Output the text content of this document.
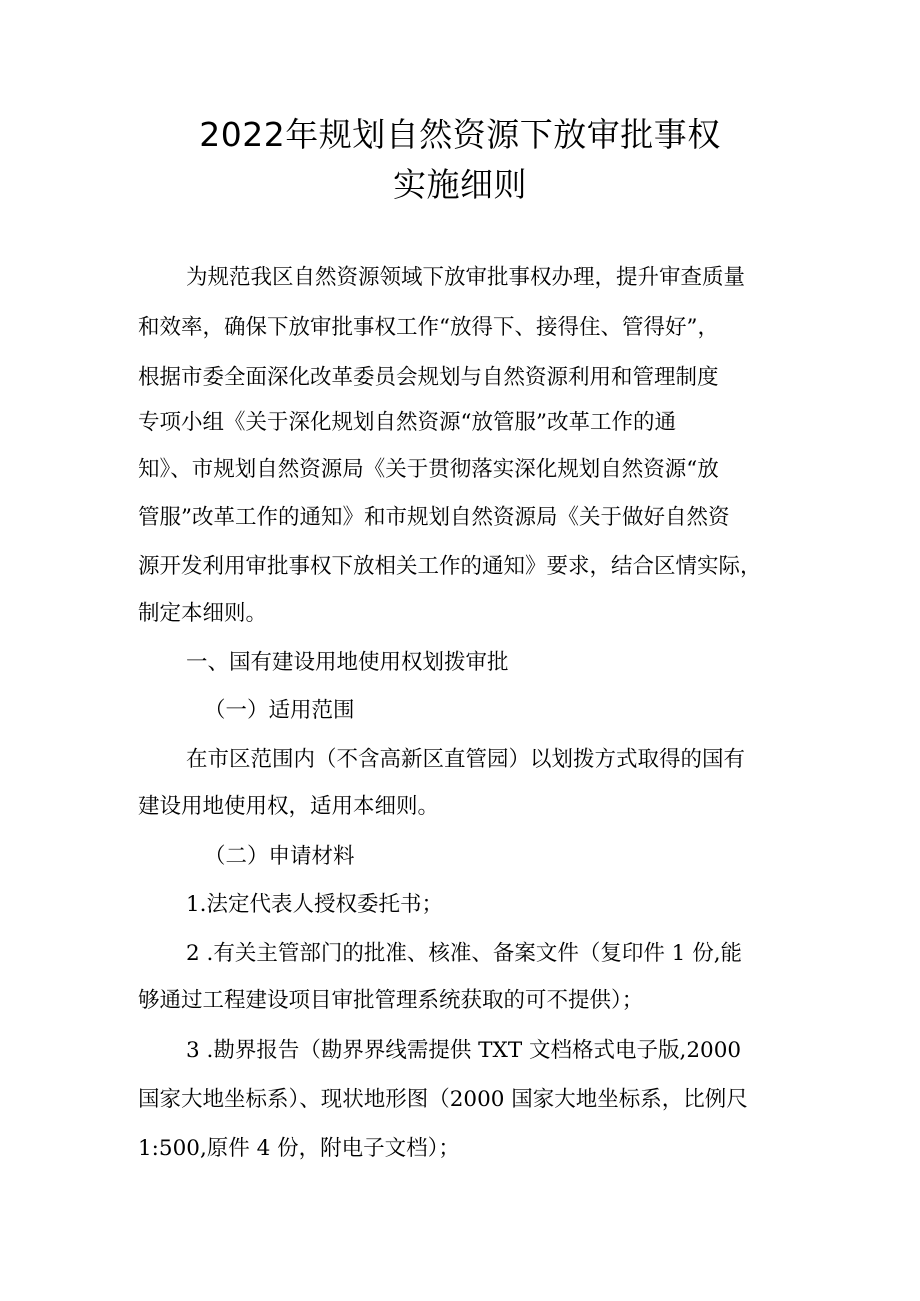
2022年规划自然资源下放审批事权
实施细则
为规范我区自然资源领域下放审批事权办理，提升审查质量
和效率，确保下放审批事权工作“放得下、接得住、管得好”，
根据市委全面深化改革委员会规划与自然资源利用和管理制度
专项小组《关于深化规划自然资源“放管服”改革工作的通
知》、市规划自然资源局《关于贯彻落实深化规划自然资源“放
管服”改革工作的通知》和市规划自然资源局《关于做好自然资
源开发利用审批事权下放相关工作的通知》要求，结合区情实际，
制定本细则。
一、国有建设用地使用权划拨审批
（一）适用范围
在市区范围内（不含高新区直管园）以划拨方式取得的国有
建设用地使用权，适用本细则。
（二）申请材料
1.法定代表人授权委托书；
2 .有关主管部门的批准、核准、备案文件（复印件 1 份,能
够通过工程建设项目审批管理系统获取的可不提供）；
3 .勘界报告（勘界界线需提供 TXT 文档格式电子版,2000
国家大地坐标系）、现状地形图（2000 国家大地坐标系，比例尺
1:500,原件 4 份，附电子文档）；
